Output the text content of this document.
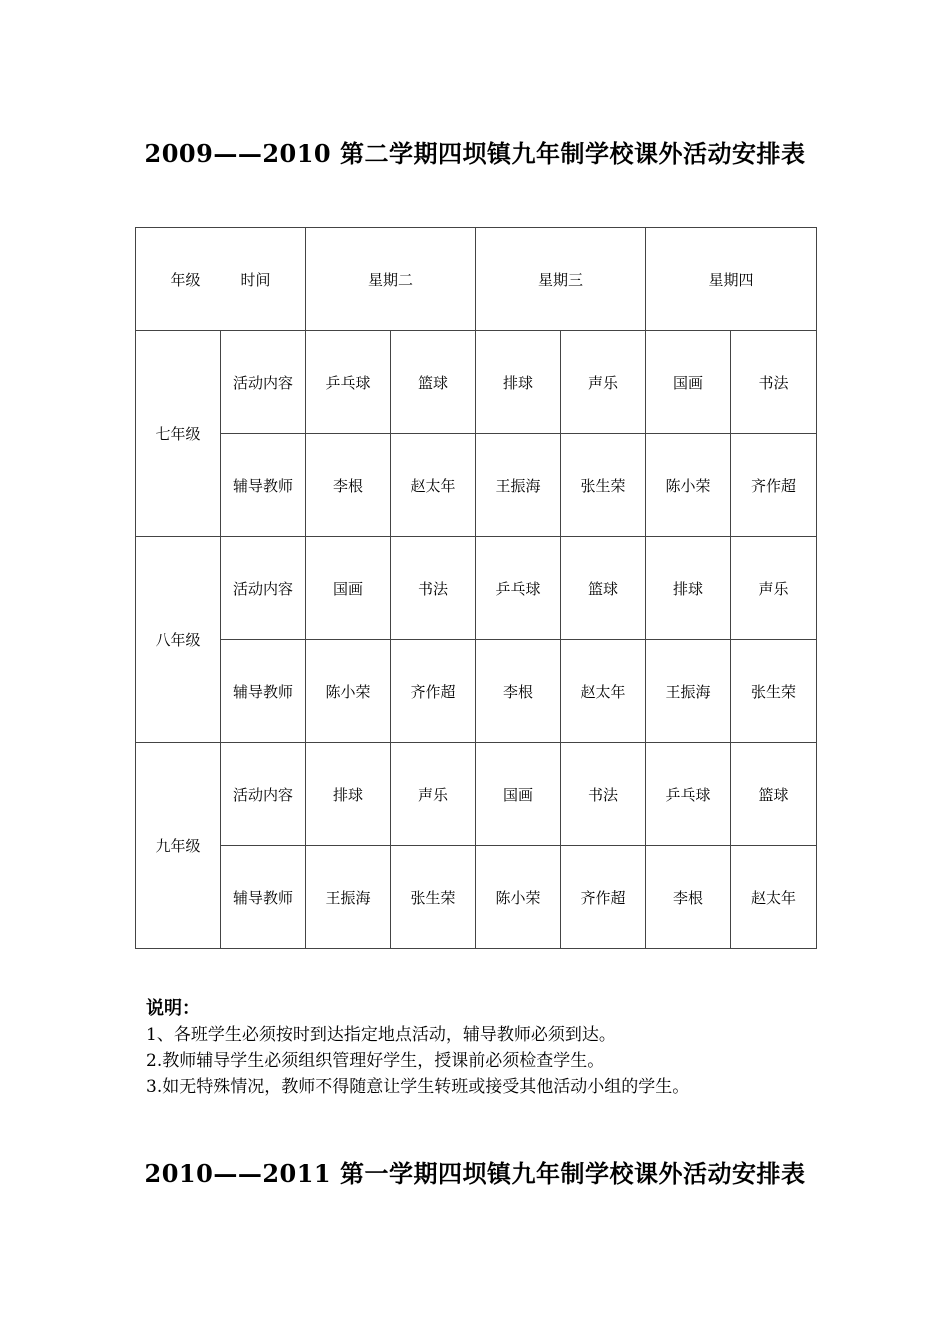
2009——2010 第二学期四坝镇九年制学校课外活动安排表
年级 时间		星期二		星期三		星期四	
七年级	活动内容	乒乓球	篮球	排球	声乐	国画	书法
	辅导教师	李根	赵太年	王振海	张生荣	陈小荣	齐作超
八年级	活动内容	国画	书法	乒乓球	篮球	排球	声乐
	辅导教师	陈小荣	齐作超	李根	赵太年	王振海	张生荣
九年级	活动内容	排球	声乐	国画	书法	乒乓球	篮球
	辅导教师	王振海	张生荣	陈小荣	齐作超	李根	赵太年
说明：
1、各班学生必须按时到达指定地点活动，辅导教师必须到达。
2.教师辅导学生必须组织管理好学生，授课前必须检查学生。
3.如无特殊情况，教师不得随意让学生转班或接受其他活动小组的学生。
2010——2011 第一学期四坝镇九年制学校课外活动安排表
